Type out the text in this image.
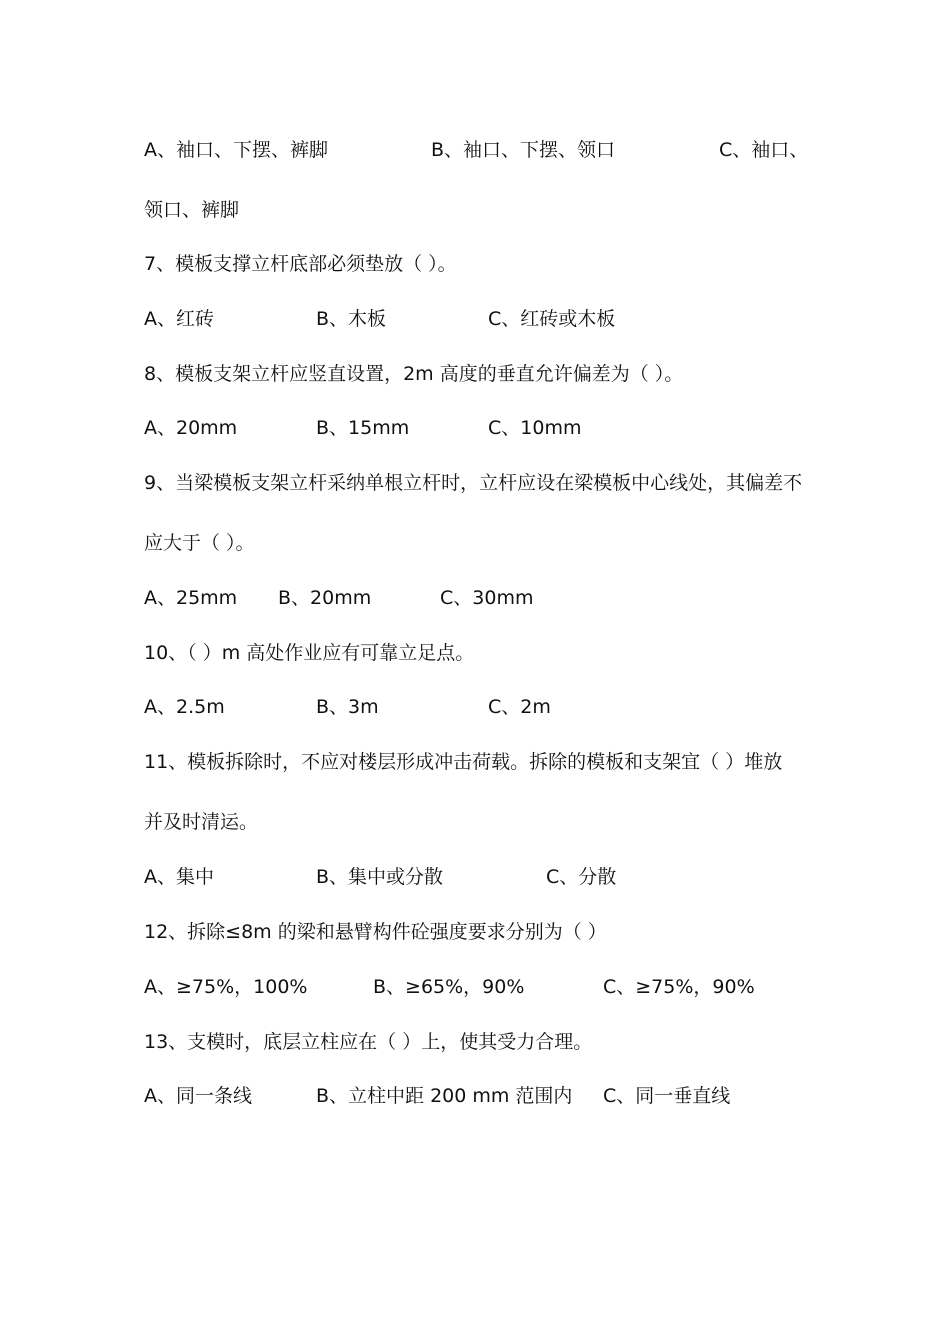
A、袖口、下摆、裤脚	B、袖口、下摆、领口	C、袖口、
领口、裤脚
7、模板支撑立杆底部必须垫放（ ）。
A、红砖	B、木板	C、红砖或木板
8、模板支架立杆应竖直设置，2m 高度的垂直允许偏差为（ ）。
A、20mm	B、15mm	C、10mm
9、当梁模板支架立杆采纳单根立杆时，立杆应设在梁模板中心线处，其偏差不
应大于（ ）。
A、25mm B、20mm	C、30mm
10、（ ）m 高处作业应有可靠立足点。
A、2.5m	B、3m	C、2m
11、模板拆除时，不应对楼层形成冲击荷载。拆除的模板和支架宜（ ）堆放
并及时清运。
A、集中	B、集中或分散	C、分散
12、拆除≤8m 的梁和悬臂构件砼强度要求分别为（ ）
A、≥75%，100%	B、≥65%，90%	C、≥75%，90%
13、支模时，底层立柱应在（ ）上，使其受力合理。
A、同一条线	B、立柱中距 200 mm 范围内 C、同一垂直线
